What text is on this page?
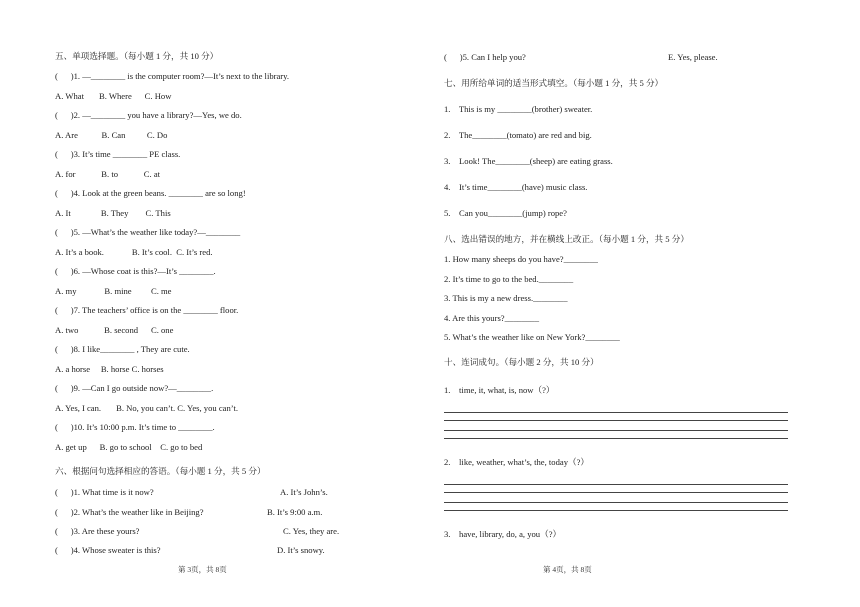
五、单项选择题。（每小题 1 分，共 10 分）
(      )1. —________ is the computer room?—It’s next to the library.
A. What       B. Where      C. How
(      )2. —________ you have a library?—Yes, we do.
A. Are           B. Can          C. Do
(      )3. It’s time ________ PE class.
A. for            B. to            C. at
(      )4. Look at the green beans. ________ are so long!
A. It              B. They        C. This
(      )5. —What’s the weather like today?—________
A. It’s a book.             B. It’s cool.  C. It’s red.
(      )6. —Whose coat is this?—It’s ________.
A. my             B. mine         C. me
(      )7. The teachers’ office is on the ________ floor.
A. two            B. second      C. one
(      )8. I like________ , They are cute.
A. a horse     B. horse C. horses
(      )9. —Can I go outside now?—________.
A. Yes, I can.       B. No, you can’t. C. Yes, you can’t.
(      )10. It’s 10:00 p.m. It’s time to ________.
A. get up      B. go to school    C. go to bed
六、根据问句选择相应的答语。（每小题 1 分，共 5 分）
(      )1. What time is it now?	A. It’s John’s.
(      )2. What’s the weather like in Beijing?	B. It’s 9:00 a.m.
(      )3. Are these yours?	C. Yes, they are.
(      )4. Whose sweater is this?	D. It’s snowy.
第 3页，共 8页
(      )5. Can I help you?	E. Yes, please.
七、用所给单词的适当形式填空。（每小题 1 分，共 5 分）
1.    This is my ________(brother) sweater.
2.    The________(tomato) are red and big.
3.    Look! The________(sheep) are eating grass.
4.    It’s time________(have) music class.
5.    Can you________(jump) rope?
八、选出错误的地方，并在横线上改正。（每小题 1 分，共 5 分）
1. How many sheeps do you have?________
2. It’s time to go to the bed.________
3. This is my a new dress.________
4. Are this yours?________
5. What’s the weather like on New York?________
十、连词成句。（每小题 2 分，共 10 分）
1.    time, it, what, is, now（?）
2.    like, weather, what’s, the, today（?）
3.    have, library, do, a, you（?）
第 4页，共 8页
